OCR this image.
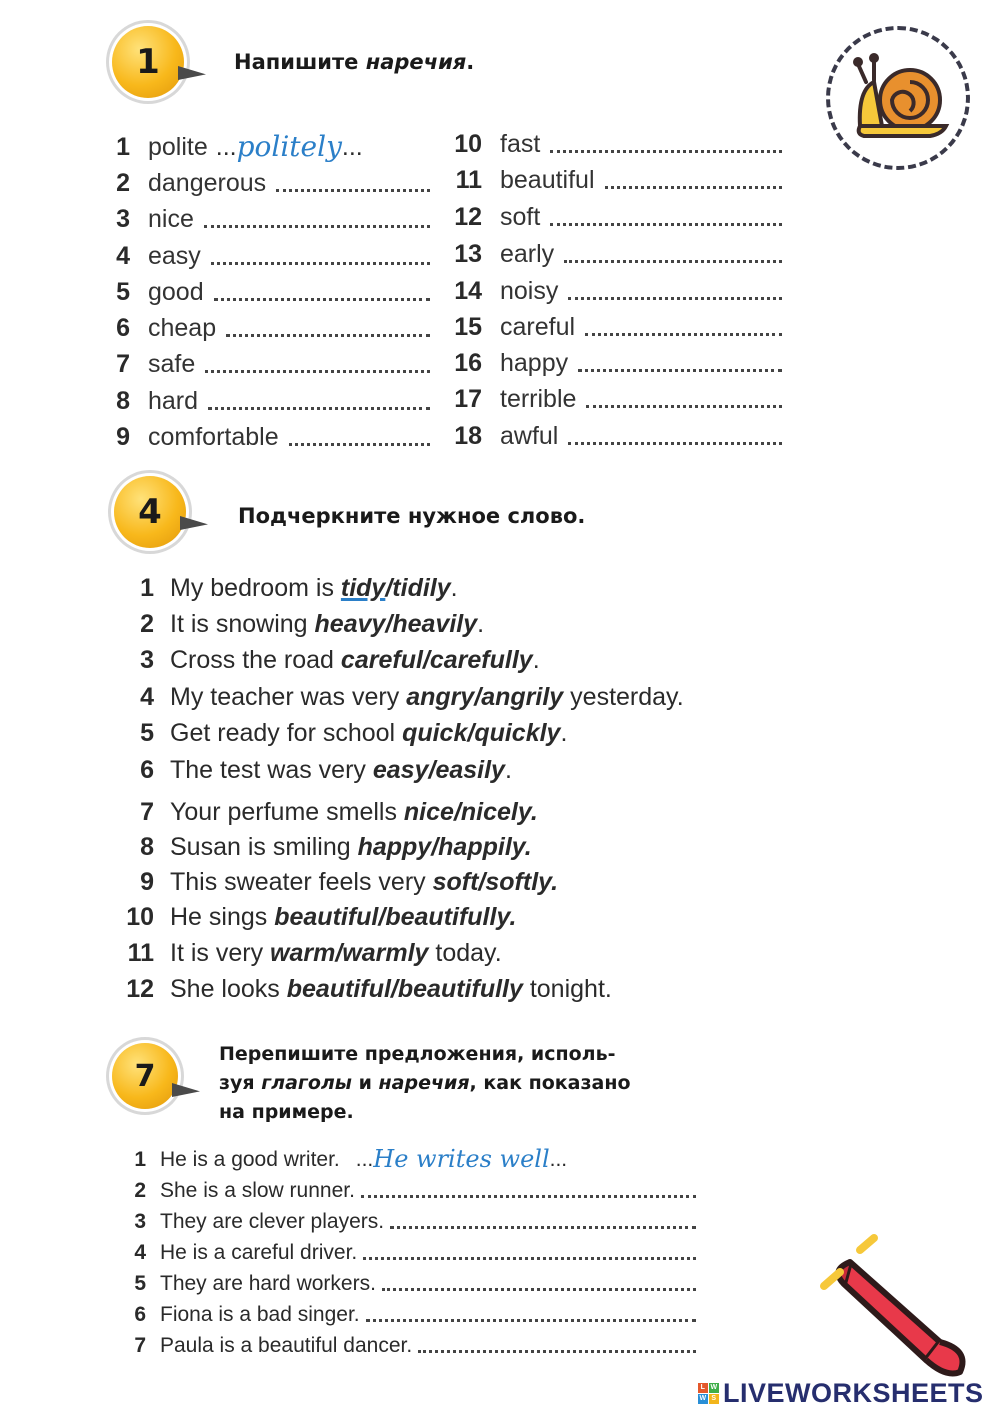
1	Напишите наречия.
1 polite ... politely ...
2 dangerous
3 nice
4 easy
5 good
6 cheap
7 safe
8 hard
9 comfortable
10 fast
11 beautiful
12 soft
13 early
14 noisy
15 careful
16 happy
17 terrible
18 awful
4	Подчеркните нужное слово.
1 My bedroom is tidy/tidily.
2 It is snowing heavy/heavily.
3 Cross the road careful/carefully.
4 My teacher was very angry/angrily yesterday.
5 Get ready for school quick/quickly.
6 The test was very easy/easily.
7 Your perfume smells nice/nicely.
8 Susan is smiling happy/happily.
9 This sweater feels very soft/softly.
10 He sings beautiful/beautifully.
11 It is very warm/warmly today.
12 She looks beautiful/beautifully tonight.
7
Перепишите предложения, исполь-
зуя глаголы и наречия, как показано
на примере.
1 He is a good writer. ... He writes well ...
2 She is a slow runner.
3 They are clever players.
4 He is a careful driver.
5 They are hard workers.
6 Fiona is a bad singer.
7 Paula is a beautiful dancer.
L W
W S LIVEWORKSHEETS
